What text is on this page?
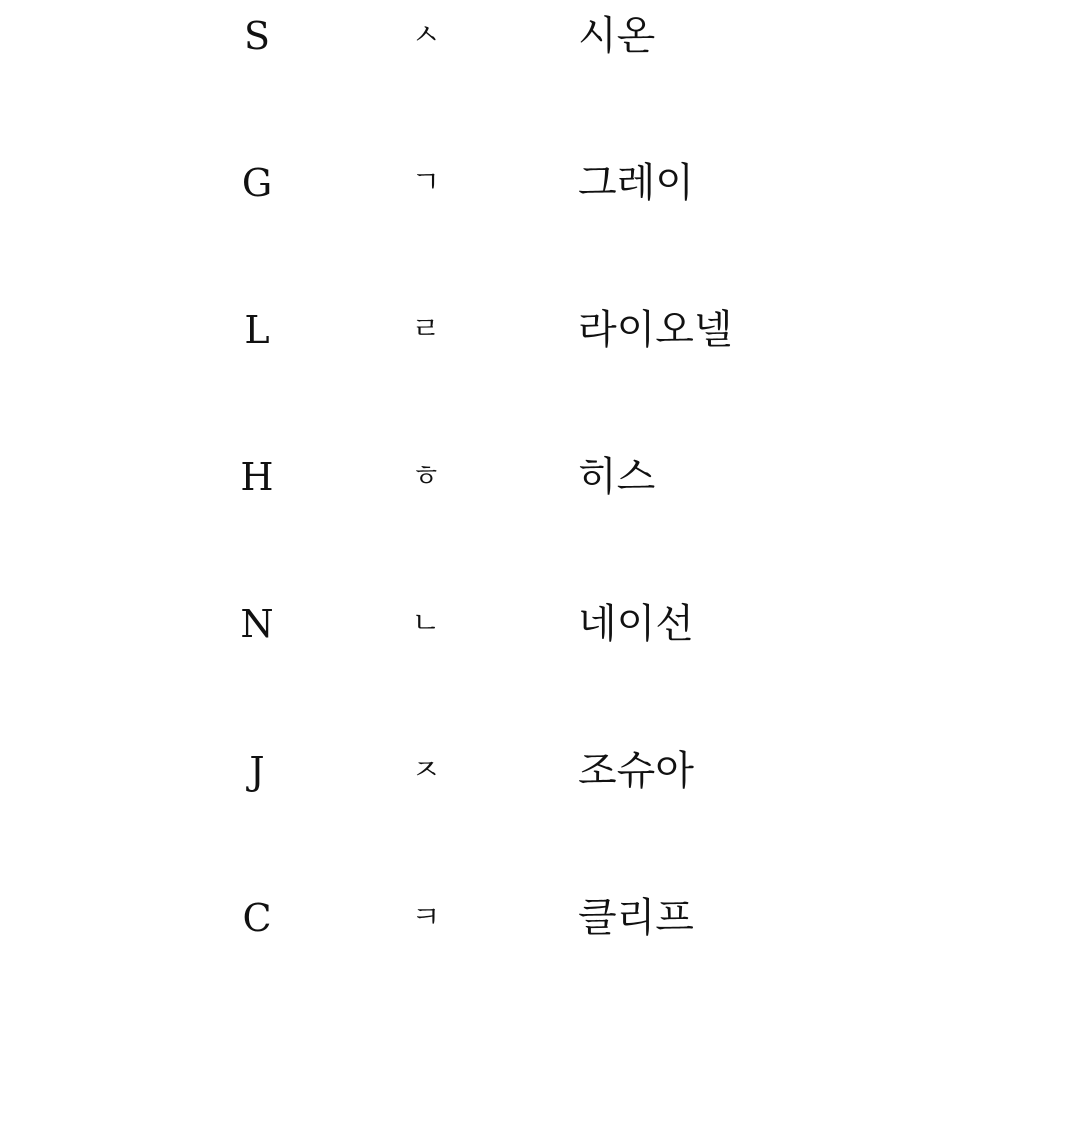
S	ㅅ	시온
G	ㄱ	그레이
L	ㄹ	라이오넬
H	ㅎ	히스
N	ㄴ	네이선
J	ㅈ	조슈아
C	ㅋ	클리프
